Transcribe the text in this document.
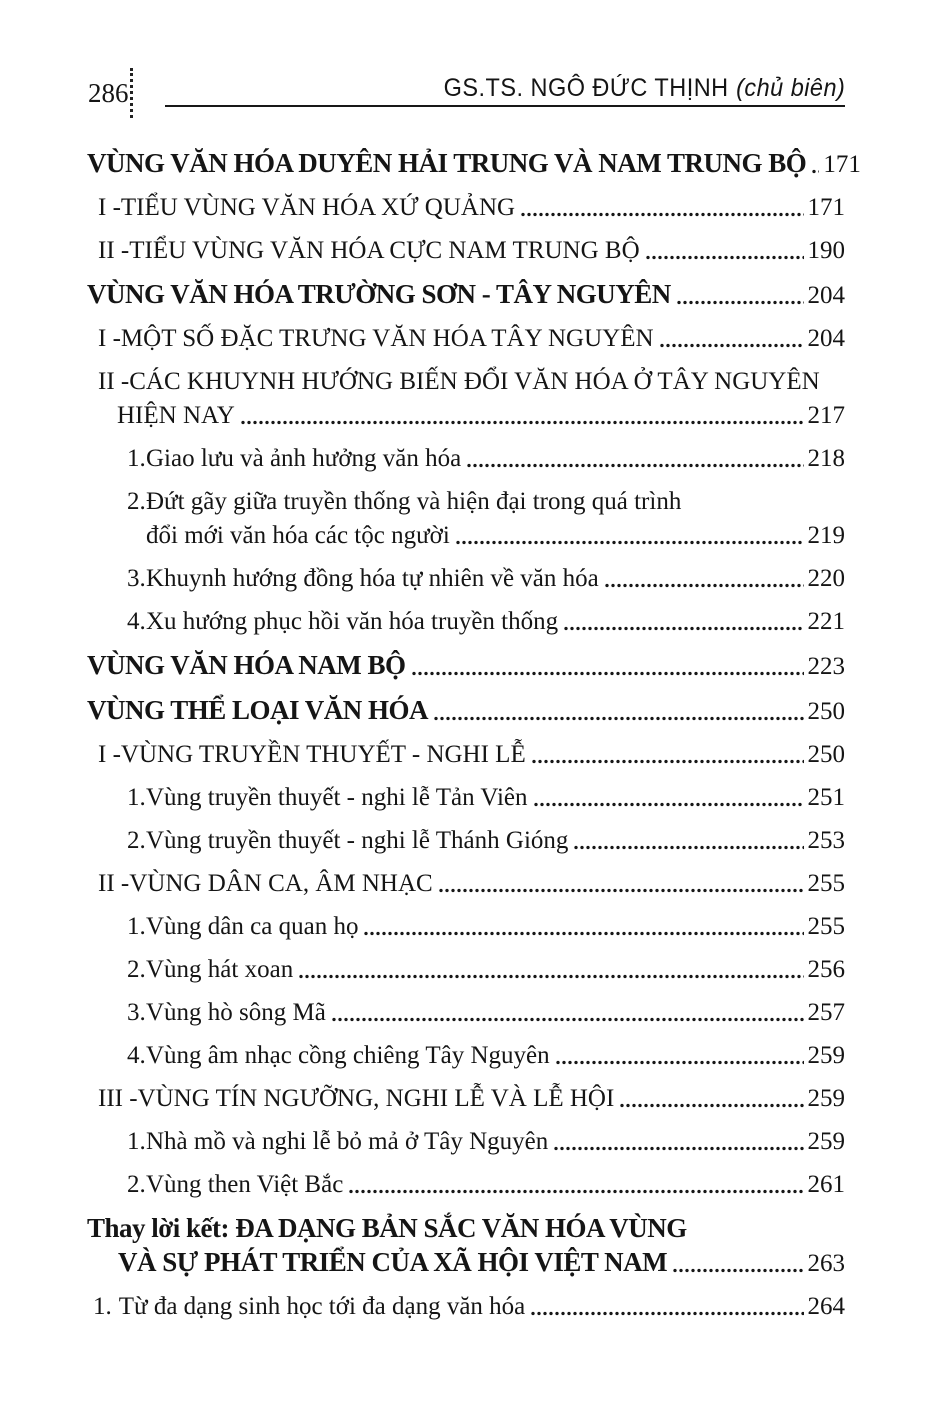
286	GS.TS. NGÔ ĐỨC THỊNH (chủ biên)
VÙNG VĂN HÓA DUYÊN HẢI TRUNG VÀ NAM TRUNG BỘ 171
I - TIỂU VÙNG VĂN HÓA XỨ QUẢNG	171
II - TIỂU VÙNG VĂN HÓA CỰC NAM TRUNG BỘ	190
VÙNG VĂN HÓA TRƯỜNG SƠN - TÂY NGUYÊN	204
I - MỘT SỐ ĐẶC TRƯNG VĂN HÓA TÂY NGUYÊN	204
II - CÁC KHUYNH HƯỚNG BIẾN ĐỔI VĂN HÓA Ở TÂY NGUYÊN
HIỆN NAY	217
1. Giao lưu và ảnh hưởng văn hóa	218
2. Đứt gãy giữa truyền thống và hiện đại trong quá trình
đổi mới văn hóa các tộc người	219
3. Khuynh hướng đồng hóa tự nhiên về văn hóa	220
4. Xu hướng phục hồi văn hóa truyền thống	221
VÙNG VĂN HÓA NAM BỘ	223
VÙNG THỂ LOẠI VĂN HÓA	250
I - VÙNG TRUYỀN THUYẾT - NGHI LỄ	250
1. Vùng truyền thuyết - nghi lễ Tản Viên	251
2. Vùng truyền thuyết - nghi lễ Thánh Gióng	253
II - VÙNG DÂN CA, ÂM NHẠC	255
1. Vùng dân ca quan họ	255
2. Vùng hát xoan	256
3. Vùng hò sông Mã	257
4. Vùng âm nhạc cồng chiêng Tây Nguyên	259
III - VÙNG TÍN NGƯỠNG, NGHI LỄ VÀ LỄ HỘI	259
1. Nhà mồ và nghi lễ bỏ mả ở Tây Nguyên	259
2. Vùng then Việt Bắc	261
Thay lời kết: ĐA DẠNG BẢN SẮC VĂN HÓA VÙNG
VÀ SỰ PHÁT TRIỂN CỦA XÃ HỘI VIỆT NAM	263
1. Từ đa dạng sinh học tới đa dạng văn hóa	264
